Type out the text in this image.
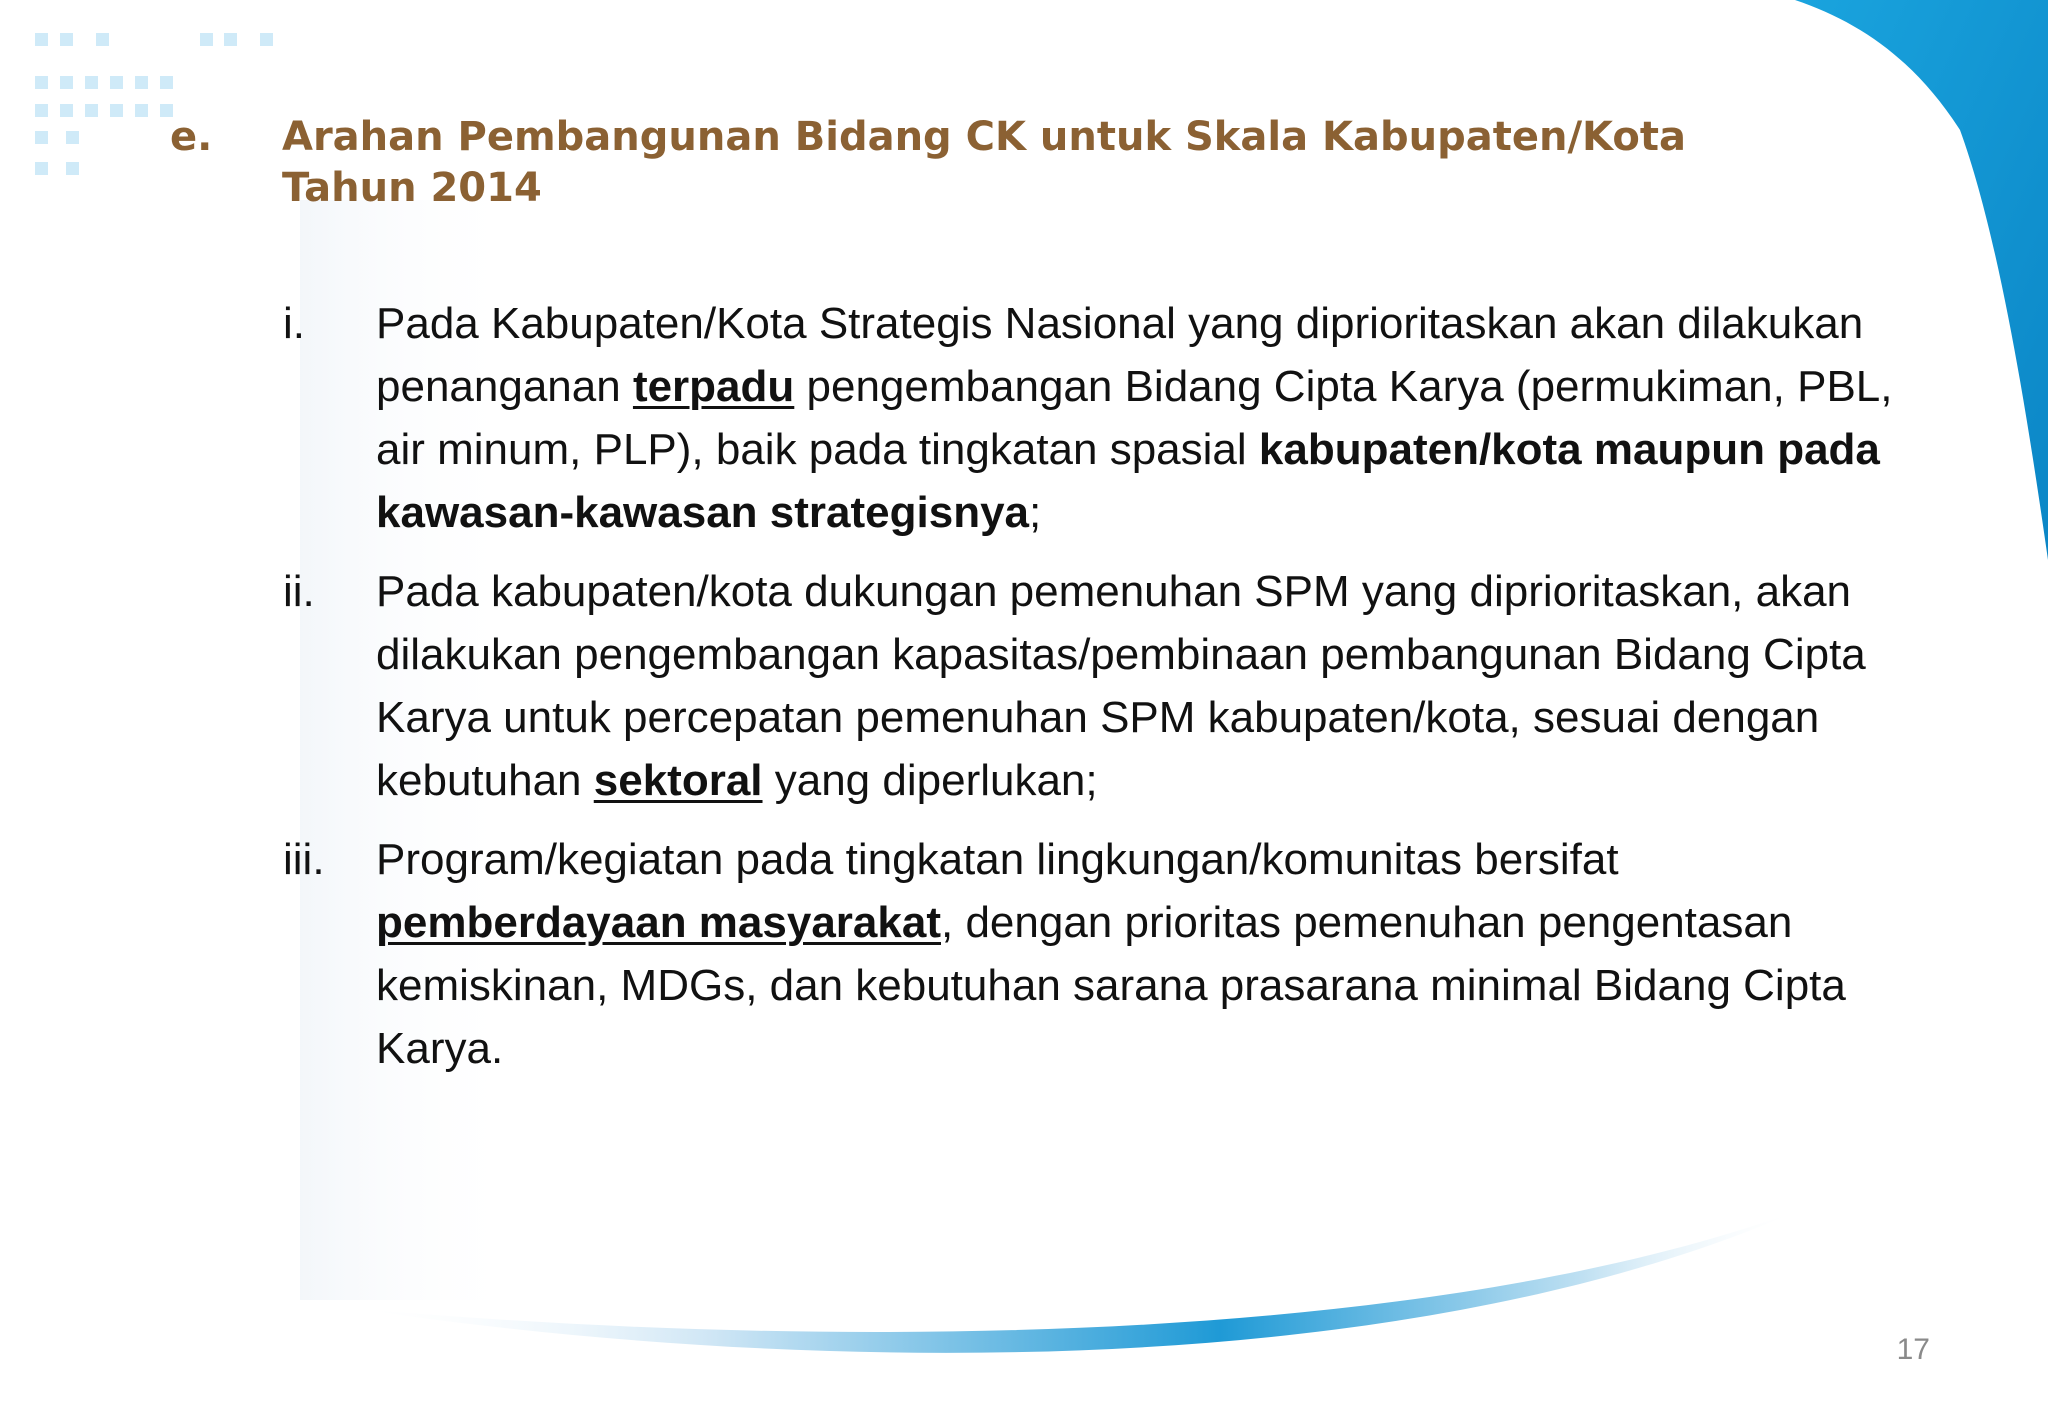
e. Arahan Pembangunan Bidang CK untuk Skala Kabupaten/Kota Tahun 2014
i. Pada Kabupaten/Kota Strategis Nasional yang diprioritaskan akan dilakukan penanganan terpadu pengembangan Bidang Cipta Karya (permukiman, PBL, air minum, PLP), baik pada tingkatan spasial kabupaten/kota maupun pada kawasan-kawasan strategisnya;
ii. Pada kabupaten/kota dukungan pemenuhan SPM yang diprioritaskan, akan dilakukan pengembangan kapasitas/pembinaan pembangunan Bidang Cipta Karya untuk percepatan pemenuhan SPM kabupaten/kota, sesuai dengan kebutuhan sektoral yang diperlukan;
iii. Program/kegiatan pada tingkatan lingkungan/komunitas bersifat pemberdayaan masyarakat, dengan prioritas pemenuhan pengentasan kemiskinan, MDGs, dan kebutuhan sarana prasarana minimal Bidang Cipta Karya.
17
